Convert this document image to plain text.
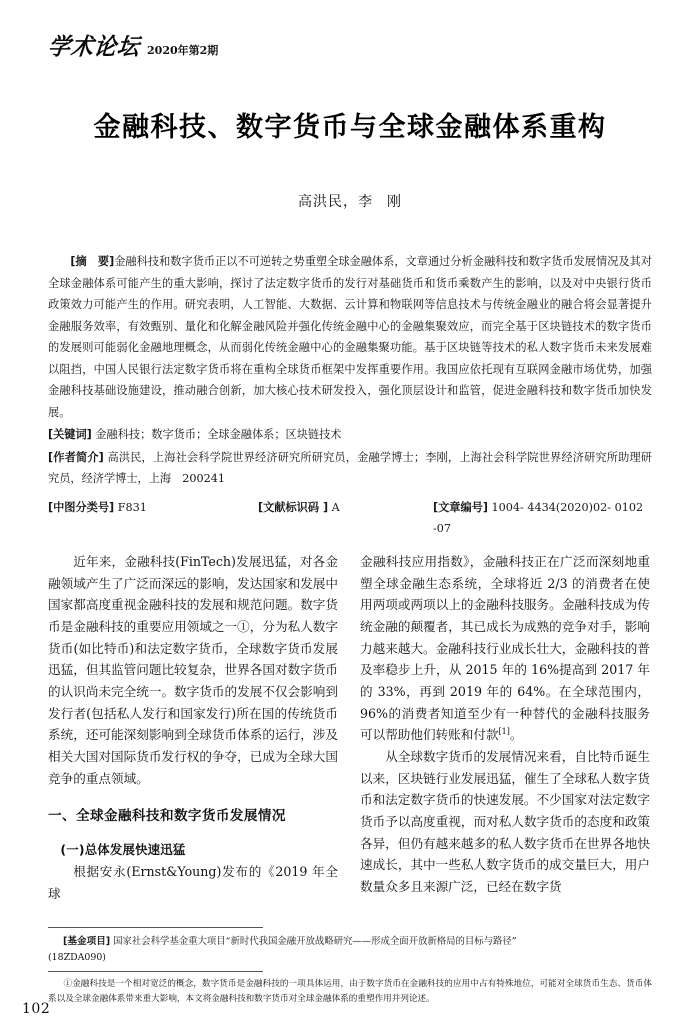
学术论坛 2020年第2期
金融科技、数字货币与全球金融体系重构
高洪民，李 刚

[摘　要]金融科技和数字货币正以不可逆转之势重塑全球金融体系，文章通过分析金融科技和数字货币发展情况及其对全球金融体系可能产生的重大影响，探讨了法定数字货币的发行对基础货币和货币乘数产生的影响，以及对中央银行货币政策效力可能产生的作用。研究表明，人工智能、大数据、云计算和物联网等信息技术与传统金融业的融合将会显著提升金融服务效率，有效甄别、量化和化解金融风险并强化传统金融中心的金融集聚效应，而完全基于区块链技术的数字货币的发展则可能弱化金融地理概念，从而弱化传统金融中心的金融集聚功能。基于区块链等技术的私人数字货币未来发展难以阻挡，中国人民银行法定数字货币将在重构全球货币框架中发挥重要作用。我国应依托现有互联网金融市场优势，加强金融科技基础设施建设，推动融合创新，加大核心技术研发投入，强化顶层设计和监管，促进金融科技和数字货币加快发展。

[关键词] 金融科技；数字货币；全球金融体系；区块链技术

[作者简介] 高洪民，上海社会科学院世界经济研究所研究员，金融学博士；李刚，上海社会科学院世界经济研究所助理研究员，经济学博士，上海　200241

[中图分类号] F831	[文献标识码 ] A	[文章编号] 1004- 4434(2020)02- 0102 -07

近年来，金融科技(FinTech)发展迅猛，对各金融领域产生了广泛而深远的影响，发达国家和发展中国家都高度重视金融科技的发展和规范问题。数字货币是金融科技的重要应用领域之一①，分为私人数字货币(如比特币)和法定数字货币，全球数字货币发展迅猛，但其监管问题比较复杂，世界各国对数字货币的认识尚未完全统一。数字货币的发展不仅会影响到发行者(包括私人发行和国家发行)所在国的传统货币系统，还可能深刻影响到全球货币体系的运行，涉及相关大国对国际货币发行权的争夺，已成为全球大国竞争的重点领域。

一、全球金融科技和数字货币发展情况
(一)总体发展快速迅猛

根据安永(Ernst&Young)发布的《2019 年全球

金融科技应用指数》，金融科技正在广泛而深刻地重塑全球金融生态系统，全球将近 2/3 的消费者在使用两项或两项以上的金融科技服务。金融科技成为传统金融的颠覆者，其已成长为成熟的竞争对手，影响力越来越大。金融科技行业成长壮大，金融科技的普及率稳步上升，从 2015 年的 16%提高到 2017 年的 33%，再到 2019 年的 64%。在全球范围内，96%的消费者知道至少有一种替代的金融科技服务可以帮助他们转账和付款[1]。

从全球数字货币的发展情况来看，自比特币诞生以来，区块链行业发展迅猛，催生了全球私人数字货币和法定数字货币的快速发展。不少国家对法定数字货币予以高度重视，而对私人数字货币的态度和政策各异，但仍有越来越多的私人数字货币在世界各地快速成长，其中一些私人数字货币的成交量巨大，用户数量众多且来源广泛，已经在数字货

[基金项目] 国家社会科学基金重大项目“新时代我国金融开放战略研究——形成全面开放新格局的目标与路径”

(18ZDA090)

①金融科技是一个相对宽泛的概念，数字货币是金融科技的一项具体运用，由于数字货币在金融科技的应用中占有特殊地位，可能对全球货币生态、货币体系以及全球金融体系带来重大影响，本文将金融科技和数字货币对全球金融体系的重塑作用并列论述。

102
